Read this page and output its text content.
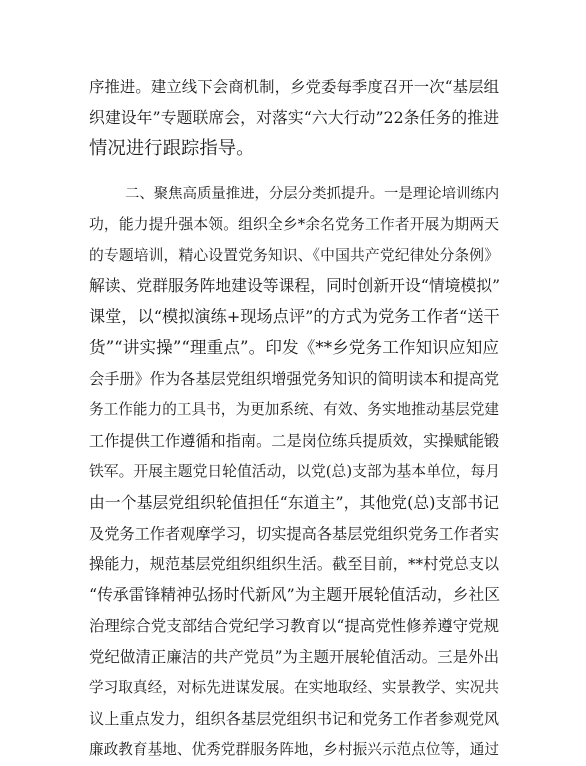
序推进。建立线下会商机制，乡党委每季度召开一次“基层组
织建设年”专题联席会，对落实“六大行动”22条任务的推进
情况进行跟踪指导。
二、聚焦高质量推进，分层分类抓提升。一是理论培训练内
功，能力提升强本领。组织全乡*余名党务工作者开展为期两天
的专题培训，精心设置党务知识、《中国共产党纪律处分条例》
解读、党群服务阵地建设等课程，同时创新开设“情境模拟”
课堂，以“模拟演练+现场点评”的方式为党务工作者“送干
货”“讲实操”“理重点”。印发《**乡党务工作知识应知应
会手册》作为各基层党组织增强党务知识的简明读本和提高党
务工作能力的工具书，为更加系统、有效、务实地推动基层党建
工作提供工作遵循和指南。二是岗位练兵提质效，实操赋能锻
铁军。开展主题党日轮值活动，以党(总)支部为基本单位，每月
由一个基层党组织轮值担任“东道主”，其他党(总)支部书记
及党务工作者观摩学习，切实提高各基层党组织党务工作者实
操能力，规范基层党组织组织生活。截至目前，**村党总支以
“传承雷锋精神弘扬时代新风”为主题开展轮值活动，乡社区
治理综合党支部结合党纪学习教育以“提高党性修养遵守党规
党纪做清正廉洁的共产党员”为主题开展轮值活动。三是外出
学习取真经，对标先进谋发展。在实地取经、实景教学、实况共
议上重点发力，组织各基层党组织书记和党务工作者参观党风
廉政教育基地、优秀党群服务阵地，乡村振兴示范点位等，通过
